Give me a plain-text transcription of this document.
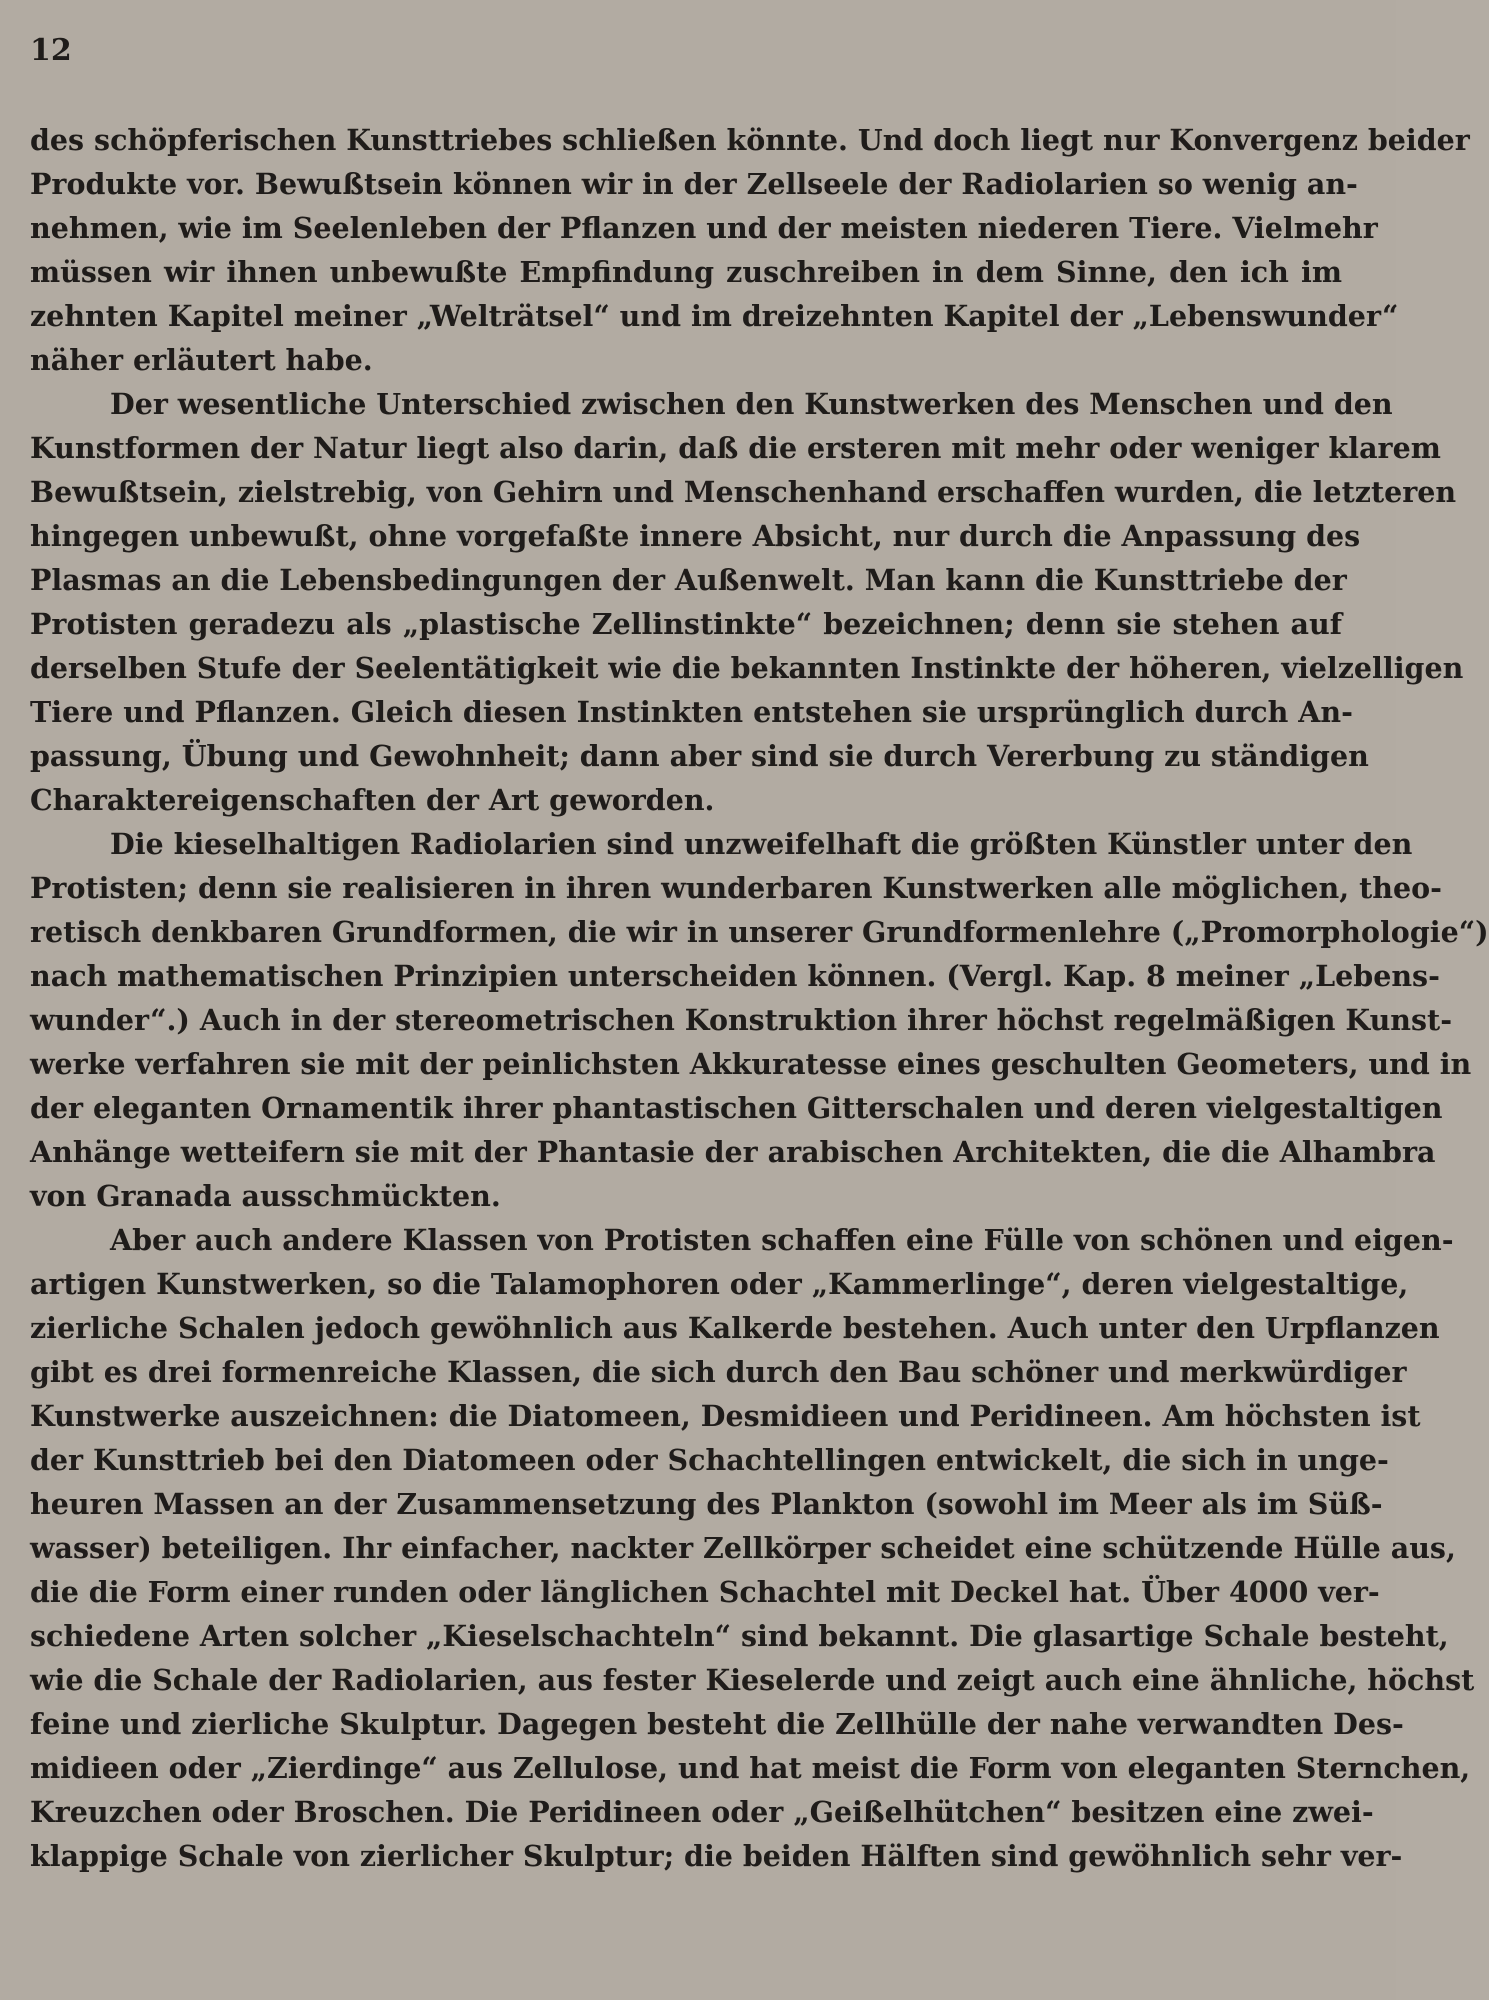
12
des schöpferischen Kunsttriebes schließen könnte. Und doch liegt nur Konvergenz beider
Produkte vor. Bewußtsein können wir in der Zellseele der Radiolarien so wenig an-
nehmen, wie im Seelenleben der Pflanzen und der meisten niederen Tiere. Vielmehr
müssen wir ihnen unbewußte Empfindung zuschreiben in dem Sinne, den ich im
zehnten Kapitel meiner „Welträtsel“ und im dreizehnten Kapitel der „Lebenswunder“
näher erläutert habe.
Der wesentliche Unterschied zwischen den Kunstwerken des Menschen und den
Kunstformen der Natur liegt also darin, daß die ersteren mit mehr oder weniger klarem
Bewußtsein, zielstrebig, von Gehirn und Menschenhand erschaffen wurden, die letzteren
hingegen unbewußt, ohne vorgefaßte innere Absicht, nur durch die Anpassung des
Plasmas an die Lebensbedingungen der Außenwelt. Man kann die Kunsttriebe der
Protisten geradezu als „plastische Zellinstinkte“ bezeichnen; denn sie stehen auf
derselben Stufe der Seelentätigkeit wie die bekannten Instinkte der höheren, vielzelligen
Tiere und Pflanzen. Gleich diesen Instinkten entstehen sie ursprünglich durch An-
passung, Übung und Gewohnheit; dann aber sind sie durch Vererbung zu ständigen
Charaktereigenschaften der Art geworden.
Die kieselhaltigen Radiolarien sind unzweifelhaft die größten Künstler unter den
Protisten; denn sie realisieren in ihren wunderbaren Kunstwerken alle möglichen, theo-
retisch denkbaren Grundformen, die wir in unserer Grundformenlehre („Promorphologie“)
nach mathematischen Prinzipien unterscheiden können. (Vergl. Kap. 8 meiner „Lebens-
wunder“.) Auch in der stereometrischen Konstruktion ihrer höchst regelmäßigen Kunst-
werke verfahren sie mit der peinlichsten Akkuratesse eines geschulten Geometers, und in
der eleganten Ornamentik ihrer phantastischen Gitterschalen und deren vielgestaltigen
Anhänge wetteifern sie mit der Phantasie der arabischen Architekten, die die Alhambra
von Granada ausschmückten.
Aber auch andere Klassen von Protisten schaffen eine Fülle von schönen und eigen-
artigen Kunstwerken, so die Talamophoren oder „Kammerlinge“, deren vielgestaltige,
zierliche Schalen jedoch gewöhnlich aus Kalkerde bestehen. Auch unter den Urpflanzen
gibt es drei formenreiche Klassen, die sich durch den Bau schöner und merkwürdiger
Kunstwerke auszeichnen: die Diatomeen, Desmidieen und Peridineen. Am höchsten ist
der Kunsttrieb bei den Diatomeen oder Schachtellingen entwickelt, die sich in unge-
heuren Massen an der Zusammensetzung des Plankton (sowohl im Meer als im Süß-
wasser) beteiligen. Ihr einfacher, nackter Zellkörper scheidet eine schützende Hülle aus,
die die Form einer runden oder länglichen Schachtel mit Deckel hat. Über 4000 ver-
schiedene Arten solcher „Kieselschachteln“ sind bekannt. Die glasartige Schale besteht,
wie die Schale der Radiolarien, aus fester Kieselerde und zeigt auch eine ähnliche, höchst
feine und zierliche Skulptur. Dagegen besteht die Zellhülle der nahe verwandten Des-
midieen oder „Zierdinge“ aus Zellulose, und hat meist die Form von eleganten Sternchen,
Kreuzchen oder Broschen. Die Peridineen oder „Geißelhütchen“ besitzen eine zwei-
klappige Schale von zierlicher Skulptur; die beiden Hälften sind gewöhnlich sehr ver-
